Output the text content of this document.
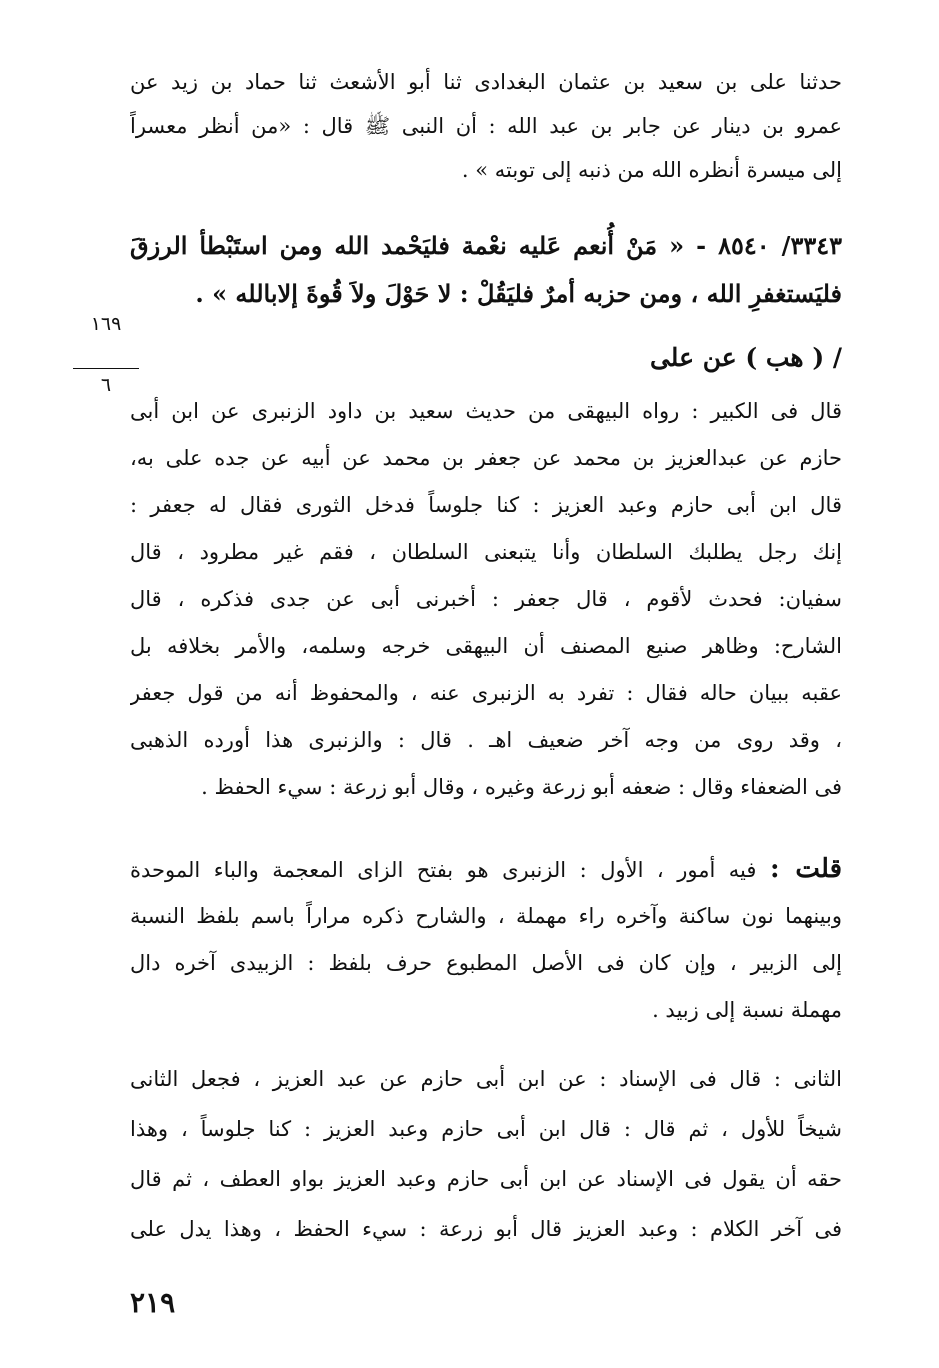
حدثنا على بن سعيد بن عثمان البغدادى ثنا أبو الأشعث ثنا حماد بن زيد عن
عمرو بن دينار عن جابر بن عبد الله : أن النبى ﷺ قال : «من أنظر معسراً
إلى ميسرة أنظره الله من ذنبه إلى توبته » .
٣٣٤٣/ ٨٥٤٠ - « مَنْ أُنعم عَليه نعْمة فليَحْمد الله ومن استَبْطأ الرزقَ
فليَستغفرِ الله ، ومن حزبه أمرٌ فليَقُلْ : لا حَوْلَ ولاَ قُوةَ إلابالله » .
١٦٩
٦
/ ( هب ) عن على
قال فى الكبير : رواه البيهقى من حديث سعيد بن داود الزنبرى عن ابن أبى
حازم عن عبدالعزيز بن محمد عن جعفر بن محمد عن أبيه عن جده على به،
قال ابن أبى حازم وعبد العزيز : كنا جلوساً فدخل الثورى فقال له جعفر :
إنك رجل يطلبك السلطان وأنا يتبعنى السلطان ، فقم غير مطرود ، قال
سفيان: فحدث لأقوم ، قال جعفر : أخبرنى أبى عن جدى فذكره ، قال
الشارح: وظاهر صنيع المصنف أن البيهقى خرجه وسلمه، والأمر بخلافه بل
عقبه ببيان حاله فقال : تفرد به الزنبرى عنه ، والمحفوظ أنه من قول جعفر
، وقد روى من وجه آخر ضعيف اهـ . قال : والزنبرى هذا أورده الذهبى
فى الضعفاء وقال : ضعفه أبو زرعة وغيره ، وقال أبو زرعة : سيء الحفظ .
قلت : فيه أمور ، الأول : الزنبرى هو بفتح الزاى المعجمة والباء الموحدة
وبينهما نون ساكنة وآخره راء مهملة ، والشارح ذكره مراراً باسم بلفظ النسبة
إلى الزبير ، وإن كان فى الأصل المطبوع حرف بلفظ : الزبيدى آخره دال
مهملة نسبة إلى زبيد .
الثانى : قال فى الإسناد : عن ابن أبى حازم عن عبد العزيز ، فجعل الثانى
شيخاً للأول ، ثم قال : قال ابن أبى حازم وعبد العزيز : كنا جلوساً ، وهذا
حقه أن يقول فى الإسناد عن ابن أبى حازم وعبد العزيز بواو العطف ، ثم قال
فى آخر الكلام : وعبد العزيز قال أبو زرعة : سيء الحفظ ، وهذا يدل على
٢١٩
